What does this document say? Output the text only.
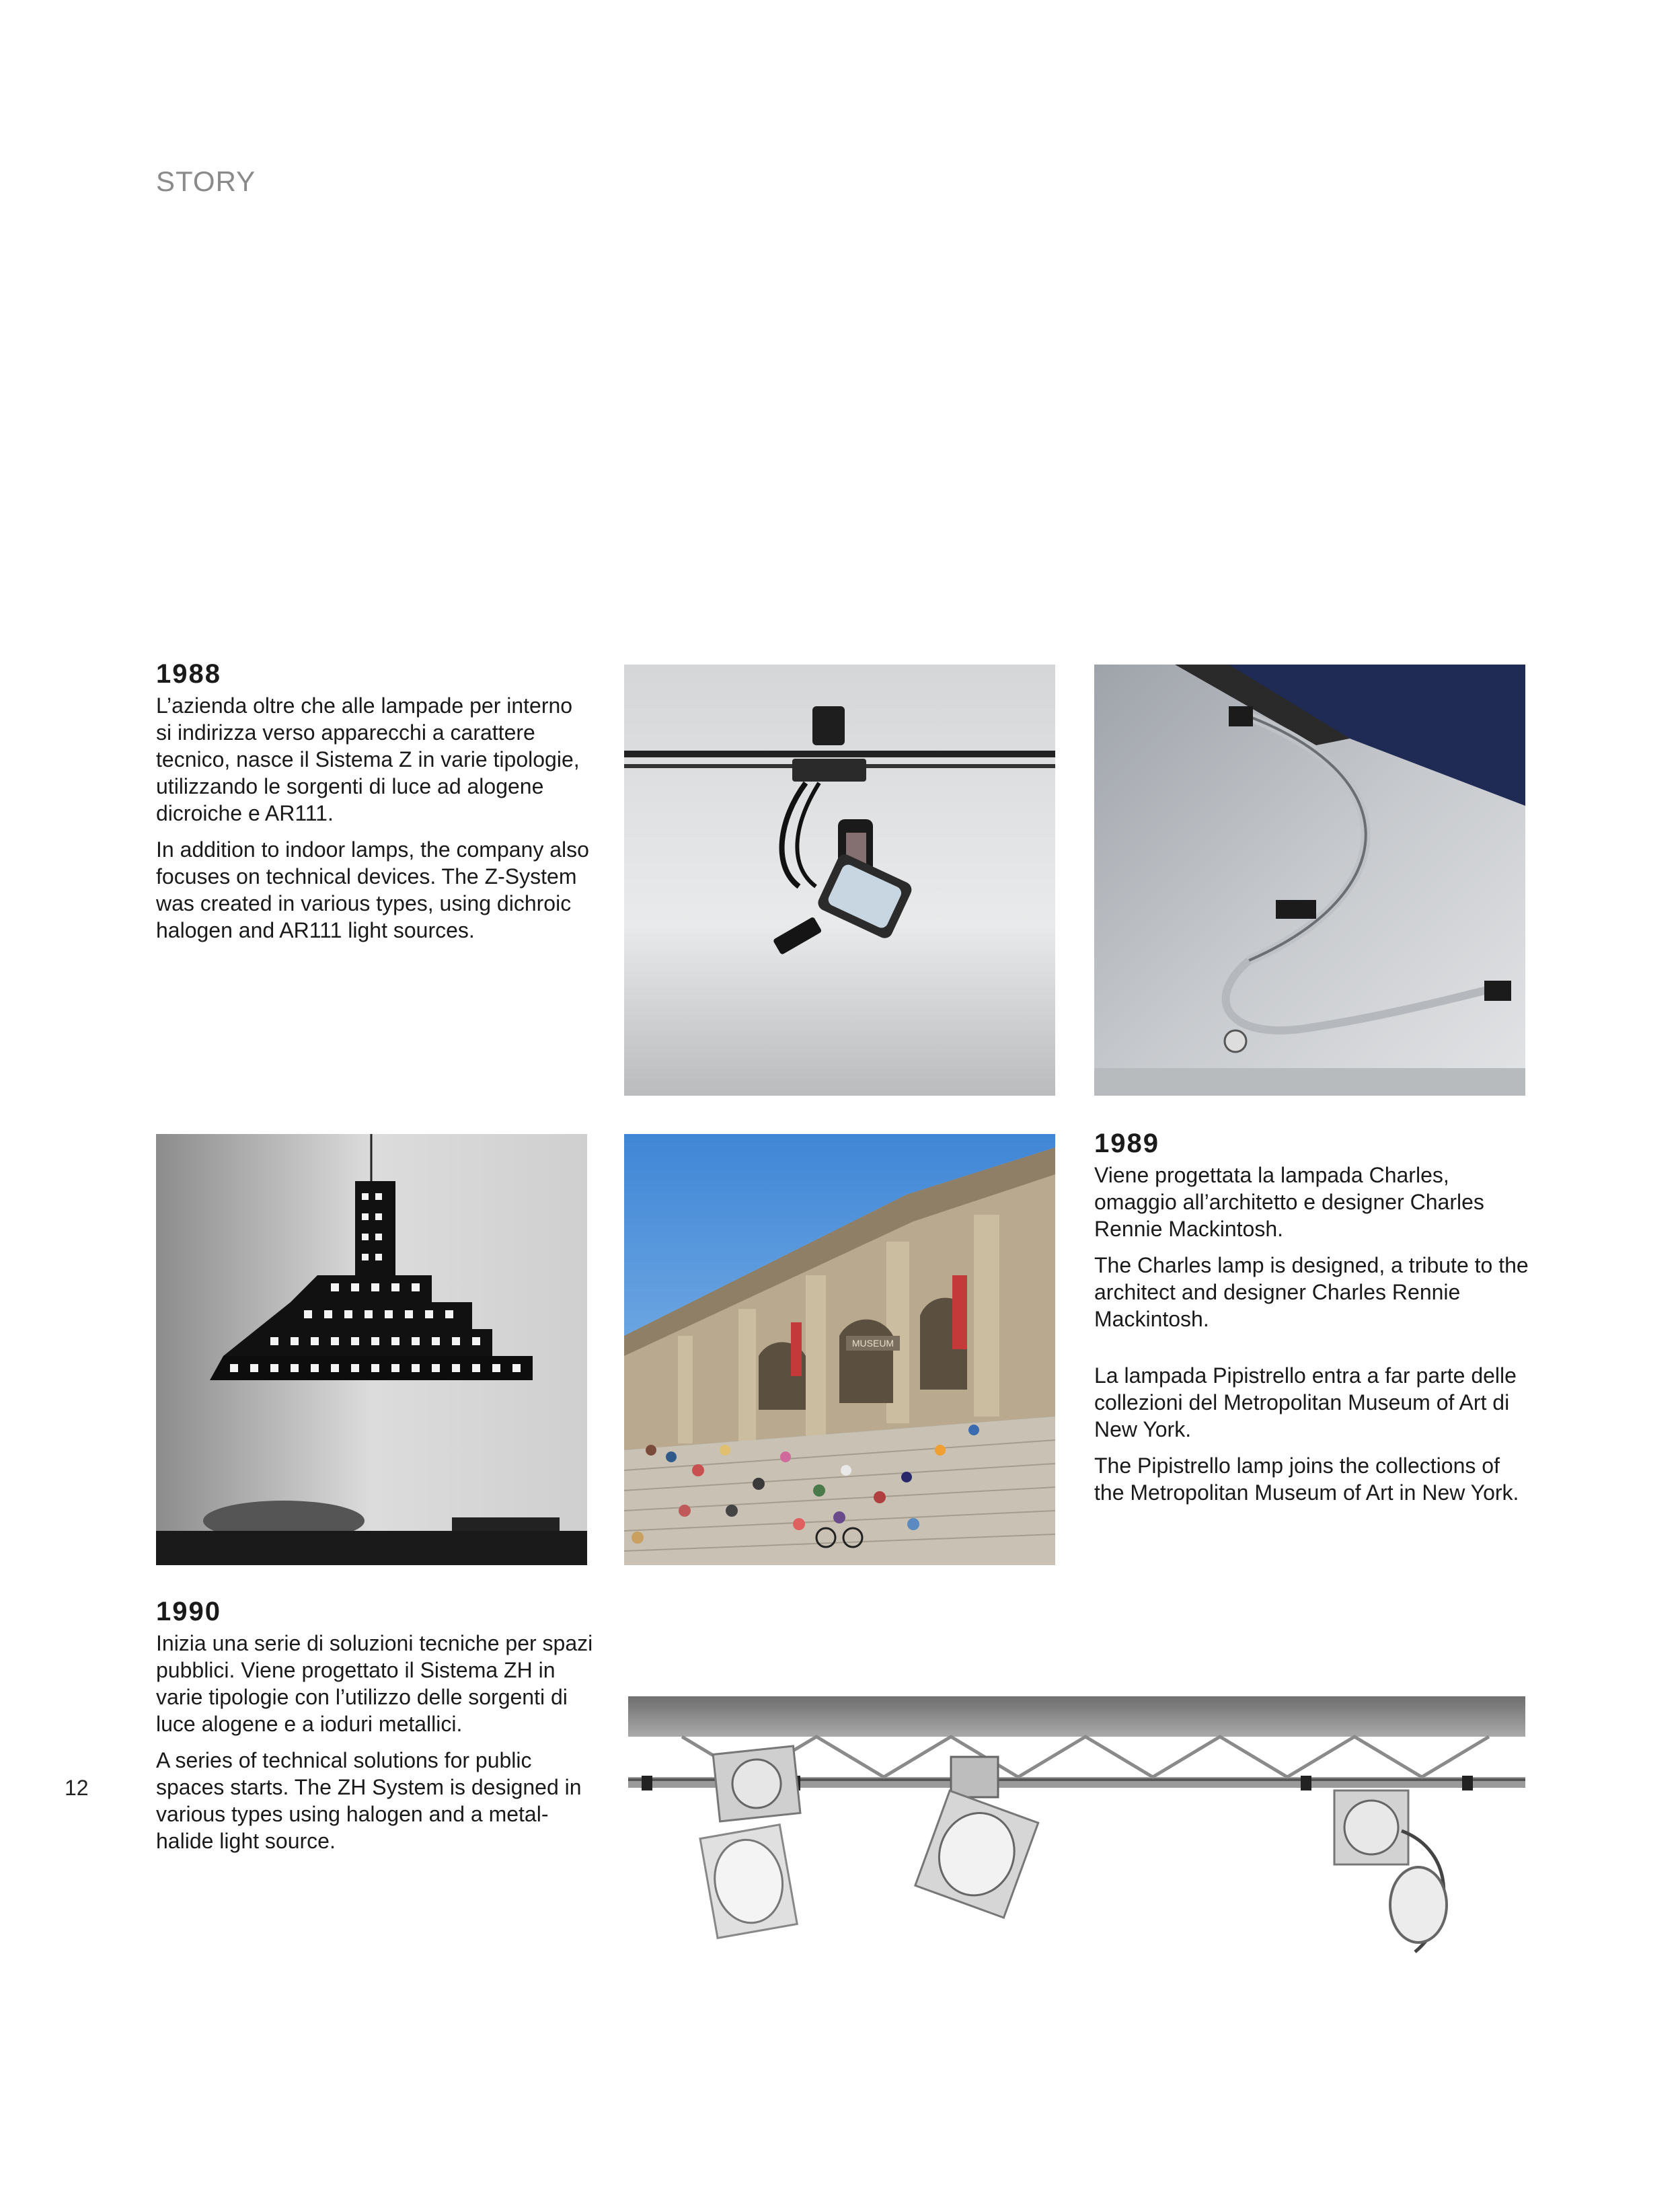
STORY
1988

L’azienda oltre che alle lampade per interno si indirizza verso apparecchi a carattere tecnico, nasce il Sistema Z in varie tipologie, utilizzando le sorgenti di luce ad alogene dicroiche e AR111.

In addition to indoor lamps, the company also focuses on technical devices. The Z-System was created in various types, using dichroic halogen and AR111 light sources.

MUSEUM
1989

Viene progettata la lampada Charles, omaggio all’architetto e designer Charles Rennie Mackintosh.

The Charles lamp is designed, a tribute to the architect and designer Charles Rennie Mackintosh.

La lampada Pipistrello entra a far parte delle collezioni del Metropolitan Museum of Art di New York.

The Pipistrello lamp joins the collections of the Metropolitan Museum of Art in New York.

1990

Inizia una serie di soluzioni tecniche per spazi pubblici. Viene progettato il Sistema ZH in varie tipologie con l’utilizzo delle sorgenti di luce alogene e a ioduri metallici.

A series of technical solutions for public spaces starts. The ZH System is designed in various types using halogen and a metal-halide light source.

12
